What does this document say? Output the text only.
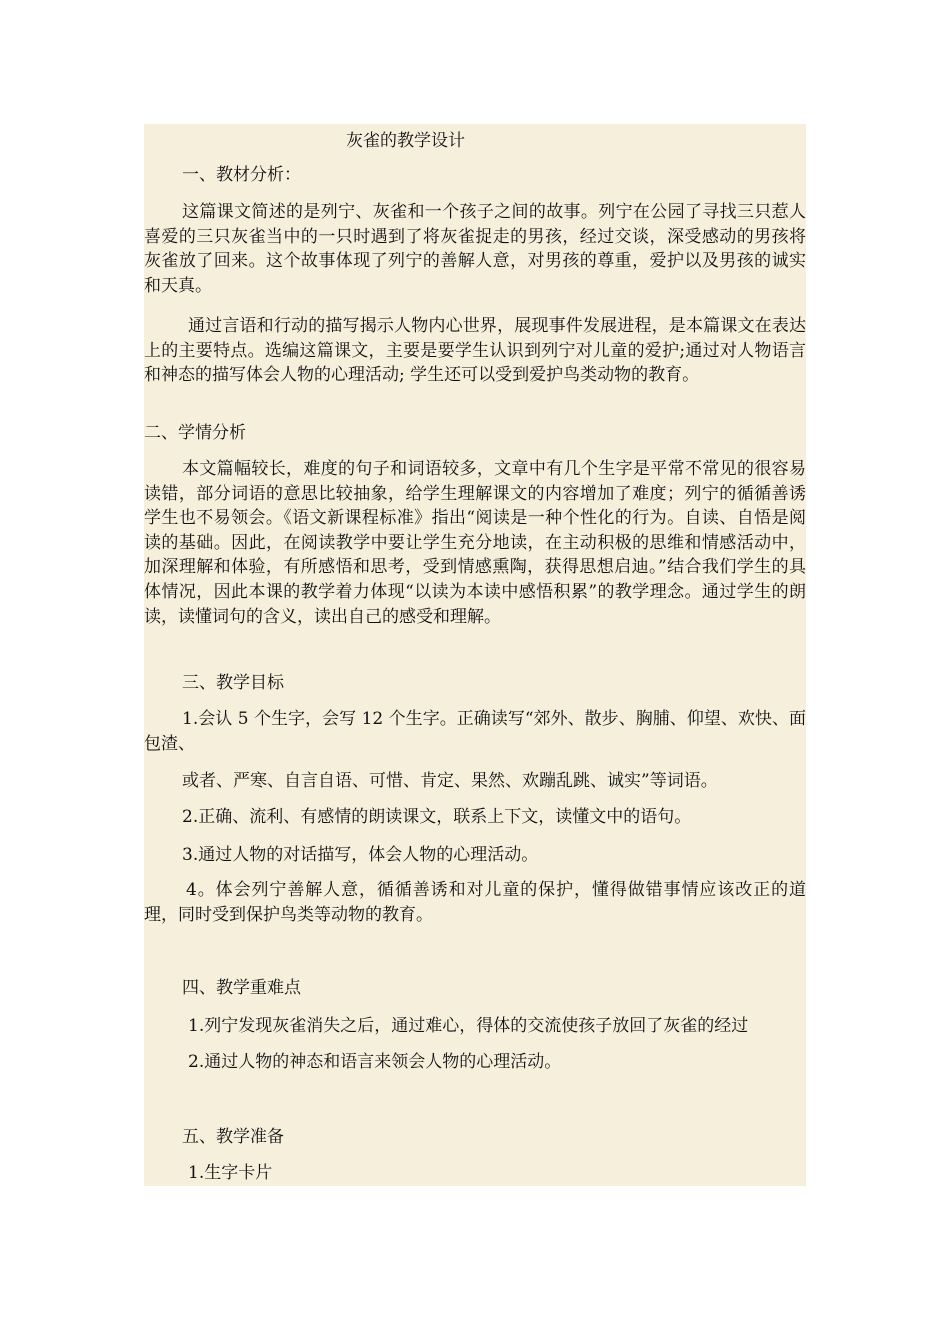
灰雀的教学设计

一、教材分析：

这篇课文简述的是列宁、灰雀和一个孩子之间的故事。列宁在公园了寻找三只惹人喜爱的三只灰雀当中的一只时遇到了将灰雀捉走的男孩，经过交谈，深受感动的男孩将灰雀放了回来。这个故事体现了列宁的善解人意，对男孩的尊重，爱护以及男孩的诚实和天真。

通过言语和行动的描写揭示人物内心世界，展现事件发展进程，是本篇课文在表达上的主要特点。选编这篇课文，主要是要学生认识到列宁对儿童的爱护;通过对人物语言和神态的描写体会人物的心理活动; 学生还可以受到爱护鸟类动物的教育。

二、学情分析

本文篇幅较长，难度的句子和词语较多，文章中有几个生字是平常不常见的很容易读错，部分词语的意思比较抽象，给学生理解课文的内容增加了难度；列宁的循循善诱学生也不易领会。《语文新课程标准》指出“阅读是一种个性化的行为。自读、自悟是阅读的基础。因此，在阅读教学中要让学生充分地读，在主动积极的思维和情感活动中，加深理解和体验，有所感悟和思考，受到情感熏陶，获得思想启迪。”结合我们学生的具体情况，因此本课的教学着力体现“以读为本读中感悟积累”的教学理念。通过学生的朗读，读懂词句的含义，读出自己的感受和理解。

三、教学目标

1.会认 5 个生字，会写 12 个生字。正确读写“郊外、散步、胸脯、仰望、欢快、面包渣、

或者、严寒、自言自语、可惜、肯定、果然、欢蹦乱跳、诚实”等词语。

2.正确、流利、有感情的朗读课文，联系上下文，读懂文中的语句。

3.通过人物的对话描写，体会人物的心理活动。

4。体会列宁善解人意，循循善诱和对儿童的保护，懂得做错事情应该改正的道理，同时受到保护鸟类等动物的教育。

四、教学重难点

1.列宁发现灰雀消失之后，通过难心，得体的交流使孩子放回了灰雀的经过

2.通过人物的神态和语言来领会人物的心理活动。

五、教学准备

1.生字卡片
